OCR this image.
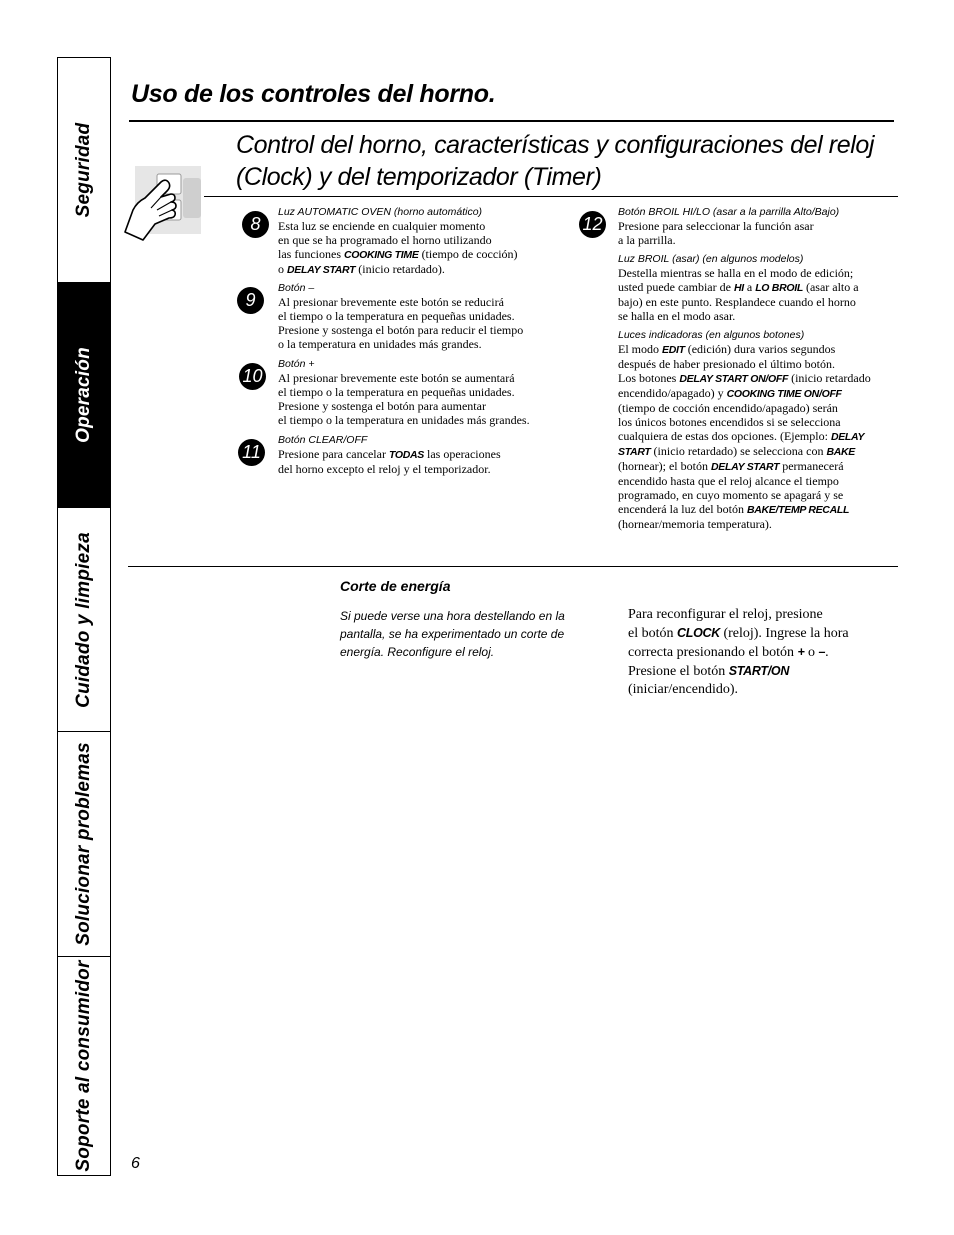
Seguridad
Operación
Cuidado y limpieza
Solucionar problemas
Soporte al consumidor
Uso de los controles del horno.
Control del horno, características y configuraciones del reloj (Clock) y del temporizador (Timer)
8

Luz AUTOMATIC OVEN (horno automático)

Esta luz se enciende en cualquier momento
en que se ha programado el horno utilizando
las funciones COOKING TIME (tiempo de cocción)
o DELAY START (inicio retardado).

9

Botón –

Al presionar brevemente este botón se reducirá
el tiempo o la temperatura en pequeñas unidades.
Presione y sostenga el botón para reducir el tiempo
o la temperatura en unidades más grandes.

10

Botón +

Al presionar brevemente este botón se aumentará
el tiempo o la temperatura en pequeñas unidades.
Presione y sostenga el botón para aumentar
el tiempo o la temperatura en unidades más grandes.

11

Botón CLEAR/OFF

Presione para cancelar TODAS las operaciones
del horno excepto el reloj y el temporizador.

12

Botón BROIL HI/LO (asar a la parrilla Alto/Bajo)

Presione para seleccionar la función asar
a la parrilla.

Luz BROIL (asar) (en algunos modelos)

Destella mientras se halla en el modo de edición;
usted puede cambiar de HI a LO BROIL (asar alto a
bajo) en este punto. Resplandece cuando el horno
se halla en el modo asar.

Luces indicadoras (en algunos botones)

El modo EDIT (edición) dura varios segundos
después de haber presionado el último botón.
Los botones DELAY START ON/OFF (inicio retardado
encendido/apagado) y COOKING TIME ON/OFF
(tiempo de cocción encendido/apagado) serán
los únicos botones encendidos si se selecciona
cualquiera de estas dos opciones. (Ejemplo: DELAY
START (inicio retardado) se selecciona con BAKE
(hornear); el botón DELAY START permanecerá
encendido hasta que el reloj alcance el tiempo
programado, en cuyo momento se apagará y se
encenderá la luz del botón BAKE/TEMP RECALL
(hornear/memoria temperatura).

Corte de energía

Si puede verse una hora destellando en la
pantalla, se ha experimentado un corte de
energía. Reconfigure el reloj.

Para reconfigurar el reloj, presione
el botón CLOCK (reloj). Ingrese la hora
correcta presionando el botón + o –.
Presione el botón START/ON
(iniciar/encendido).

6
